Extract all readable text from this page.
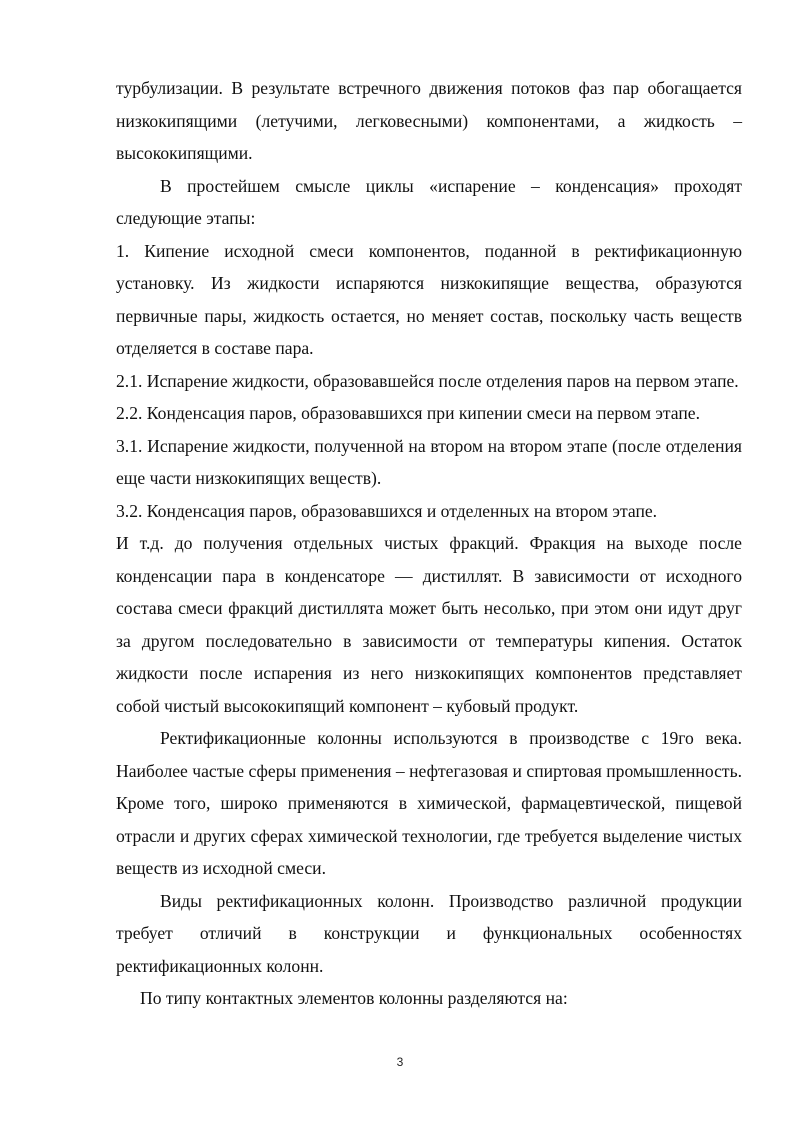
турбулизации. В результате встречного движения потоков фаз пар обогащается низкокипящими (летучими, легковесными) компонентами, а жидкость – высококипящими.

В простейшем смысле циклы «испарение – конденсация» проходят следующие этапы:

1. Кипение исходной смеси компонентов, поданной в ректификационную установку. Из жидкости испаряются низкокипящие вещества, образуются первичные пары, жидкость остается, но меняет состав, поскольку часть веществ отделяется в составе пара.

2.1. Испарение жидкости, образовавшейся после отделения паров на первом этапе.

2.2. Конденсация паров, образовавшихся при кипении смеси на первом этапе.

3.1. Испарение жидкости, полученной на втором на втором этапе (после отделения еще части низкокипящих веществ).

3.2. Конденсация паров, образовавшихся и отделенных на втором этапе.

И т.д. до получения отдельных чистых фракций. Фракция на выходе после конденсации пара в конденсаторе — дистиллят. В зависимости от исходного состава смеси фракций дистиллята может быть несолько, при этом они идут друг за другом последовательно в зависимости от температуры кипения. Остаток жидкости после испарения из него низкокипящих компонентов представляет собой чистый высококипящий компонент – кубовый продукт.

Ректификационные колонны используются в производстве с 19го века. Наиболее частые сферы применения – нефтегазовая и спиртовая промышленность. Кроме того, широко применяются в химической, фармацевтической, пищевой отрасли и других сферах химической технологии, где требуется выделение чистых веществ из исходной смеси.

Виды ректификационных колонн. Производство различной продукции требует отличий в конструкции и функциональных особенностях ректификационных колонн.

По типу контактных элементов колонны разделяются на:

3
